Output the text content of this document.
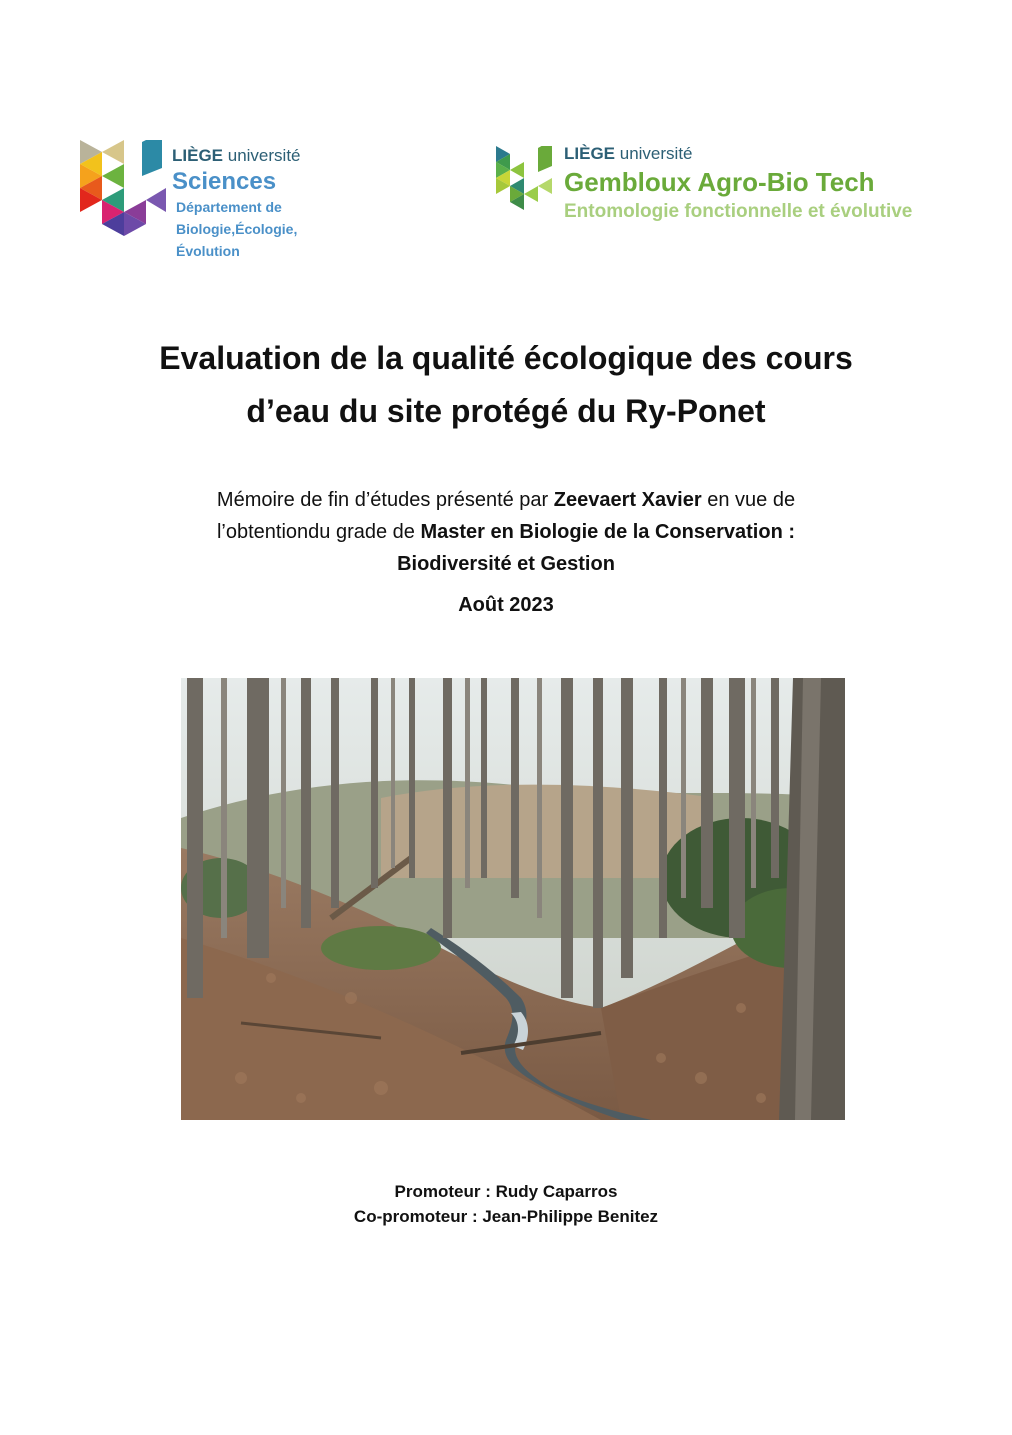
LIÈGE université
Sciences
Département de Biologie,Écologie, Évolution
LIÈGE université
Gembloux Agro-Bio Tech
Entomologie fonctionnelle et évolutive
Evaluation de la qualité écologique des cours
d’eau du site protégé du Ry-Ponet
Mémoire de fin d’études présenté par Zeevaert Xavier en vue de l’obtentiondu grade de Master en Biologie de la Conservation : Biodiversité et Gestion
Août 2023
Promoteur : Rudy Caparros
Co-promoteur : Jean-Philippe Benitez
